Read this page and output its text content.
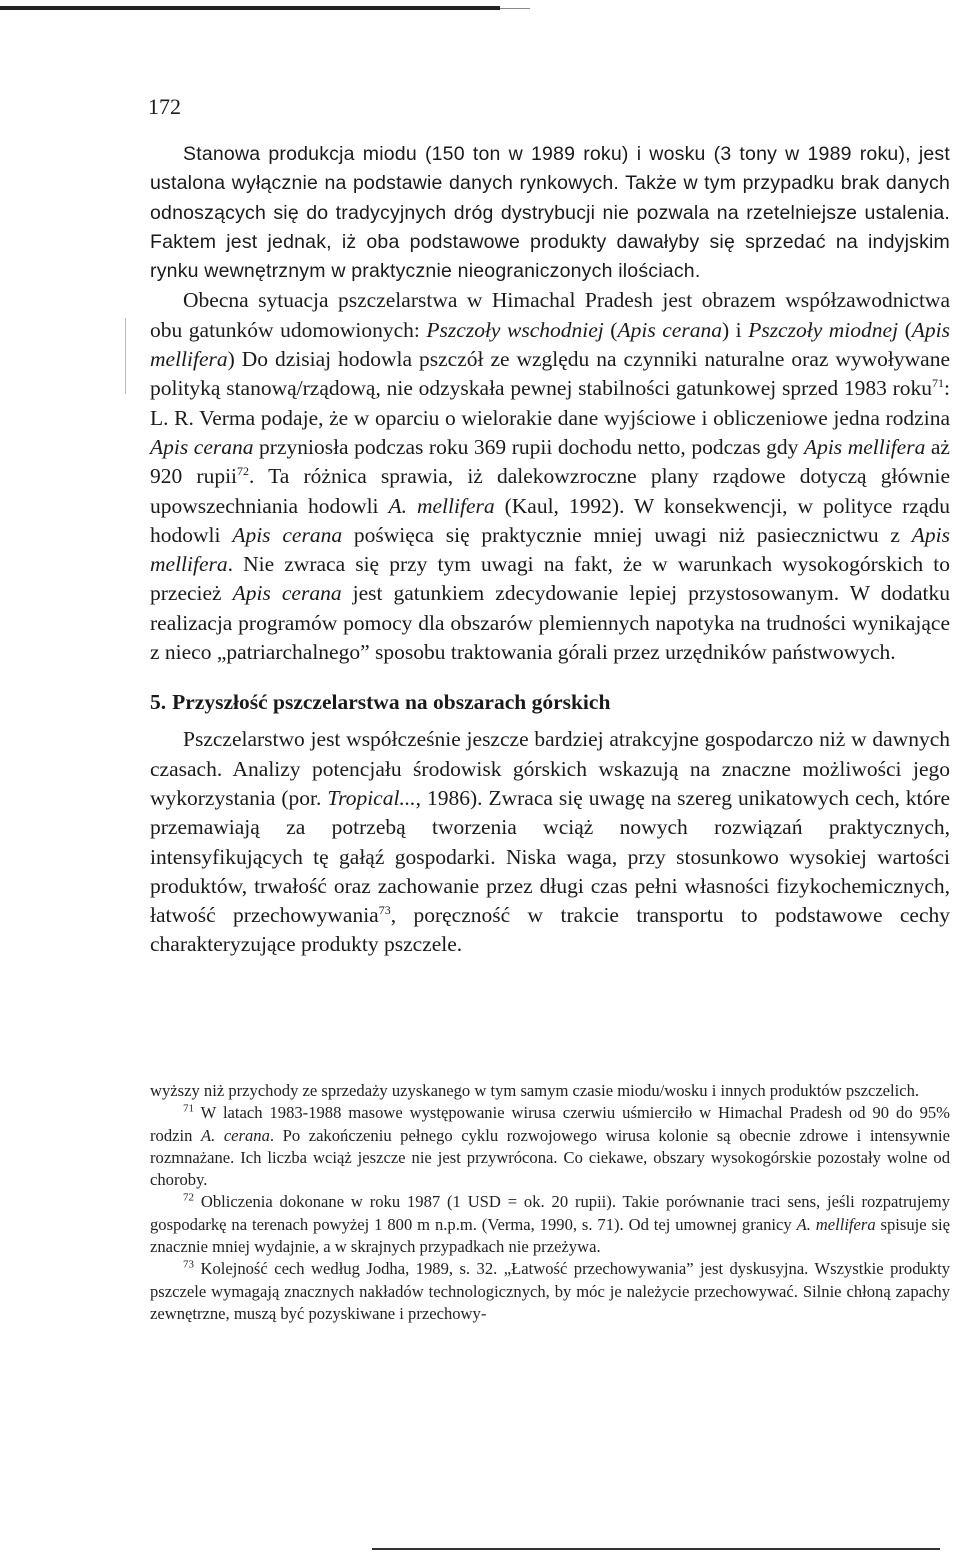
172

Stanowa produkcja miodu (150 ton w 1989 roku) i wosku (3 tony w 1989 roku), jest ustalona wyłącznie na podstawie danych rynkowych. Także w tym przypadku brak danych odnoszących się do tradycyjnych dróg dystrybucji nie pozwala na rzetelniejsze ustalenia. Faktem jest jednak, iż oba podstawowe produkty dawałyby się sprzedać na indyjskim rynku wewnętrznym w praktycznie nieograniczonych ilościach.

Obecna sytuacja pszczelarstwa w Himachal Pradesh jest obrazem współzawodnictwa obu gatunków udomowionych: Pszczoły wschodniej (Apis cerana) i Pszczoły miodnej (Apis mellifera) Do dzisiaj hodowla pszczół ze względu na czynniki naturalne oraz wywoływane polityką stanową/rządową, nie odzyskała pewnej stabilności gatunkowej sprzed 1983 roku$^{71}$: L. R. Verma podaje, że w oparciu o wielorakie dane wyjściowe i obliczeniowe jedna rodzina Apis cerana przyniosła podczas roku 369 rupii dochodu netto, podczas gdy Apis mellifera aż 920 rupii$^{72}$. Ta różnica sprawia, iż dalekowzroczne plany rządowe dotyczą głównie upowszechniania hodowli A. mellifera (Kaul, 1992). W konsekwencji, w polityce rządu hodowli Apis cerana poświęca się praktycznie mniej uwagi niż pasiecznictwu z Apis mellifera. Nie zwraca się przy tym uwagi na fakt, że w warunkach wysokogórskich to przecież Apis cerana jest gatunkiem zdecydowanie lepiej przystosowanym. W dodatku realizacja programów pomocy dla obszarów plemiennych napotyka na trudności wynikające z nieco „patriarchalnego” sposobu traktowania górali przez urzędników państwowych.

5. Przyszłość pszczelarstwa na obszarach górskich

Pszczelarstwo jest współcześnie jeszcze bardziej atrakcyjne gospodarczo niż w dawnych czasach. Analizy potencjału środowisk górskich wskazują na znaczne możliwości jego wykorzystania (por. Tropical..., 1986). Zwraca się uwagę na szereg unikatowych cech, które przemawiają za potrzebą tworzenia wciąż nowych rozwiązań praktycznych, intensyfikujących tę gałąź gospodarki. Niska waga, przy stosunkowo wysokiej wartości produktów, trwałość oraz zachowanie przez długi czas pełni własności fizykochemicznych, łatwość przechowywania$^{73}$, poręczność w trakcie transportu to podstawowe cechy charakteryzujące produkty pszczele.

wyższy niż przychody ze sprzedaży uzyskanego w tym samym czasie miodu/wosku i innych produktów pszczelich.

$^{71}$ W latach 1983-1988 masowe występowanie wirusa czerwiu uśmierciło w Himachal Pradesh od 90 do 95% rodzin A. cerana. Po zakończeniu pełnego cyklu rozwojowego wirusa kolonie są obecnie zdrowe i intensywnie rozmnażane. Ich liczba wciąż jeszcze nie jest przywrócona. Co ciekawe, obszary wysokogórskie pozostały wolne od choroby.

$^{72}$ Obliczenia dokonane w roku 1987 (1 USD = ok. 20 rupii). Takie porównanie traci sens, jeśli rozpatrujemy gospodarkę na terenach powyżej 1 800 m n.p.m. (Verma, 1990, s. 71). Od tej umownej granicy A. mellifera spisuje się znacznie mniej wydajnie, a w skrajnych przypadkach nie przeżywa.

$^{73}$ Kolejność cech według Jodha, 1989, s. 32. „Łatwość przechowywania” jest dyskusyjna. Wszystkie produkty pszczele wymagają znacznych nakładów technologicznych, by móc je należycie przechowywać. Silnie chłoną zapachy zewnętrzne, muszą być pozyskiwane i przechowy-
